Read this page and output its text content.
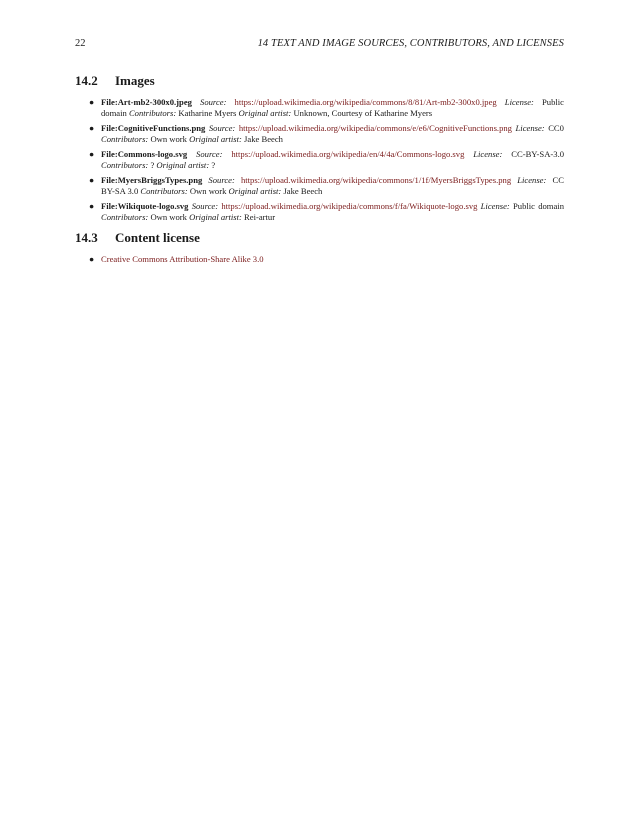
22	14 TEXT AND IMAGE SOURCES, CONTRIBUTORS, AND LICENSES
14.2	Images
● File:Art-mb2-300x0.jpeg Source: https://upload.wikimedia.org/wikipedia/commons/8/81/Art-mb2-300x0.jpeg License: Public domain Contributors: Katharine Myers Original artist: Unknown, Courtesy of Katharine Myers
● File:CognitiveFunctions.png Source: https://upload.wikimedia.org/wikipedia/commons/e/e6/CognitiveFunctions.png License: CC0 Contributors: Own work Original artist: Jake Beech
● File:Commons-logo.svg Source: https://upload.wikimedia.org/wikipedia/en/4/4a/Commons-logo.svg License: CC-BY-SA-3.0 Contributors: ? Original artist: ?
● File:MyersBriggsTypes.png Source: https://upload.wikimedia.org/wikipedia/commons/1/1f/MyersBriggsTypes.png License: CC BY-SA 3.0 Contributors: Own work Original artist: Jake Beech
● File:Wikiquote-logo.svg Source: https://upload.wikimedia.org/wikipedia/commons/f/fa/Wikiquote-logo.svg License: Public domain Contributors: Own work Original artist: Rei-artur
14.3	Content license
● Creative Commons Attribution-Share Alike 3.0
